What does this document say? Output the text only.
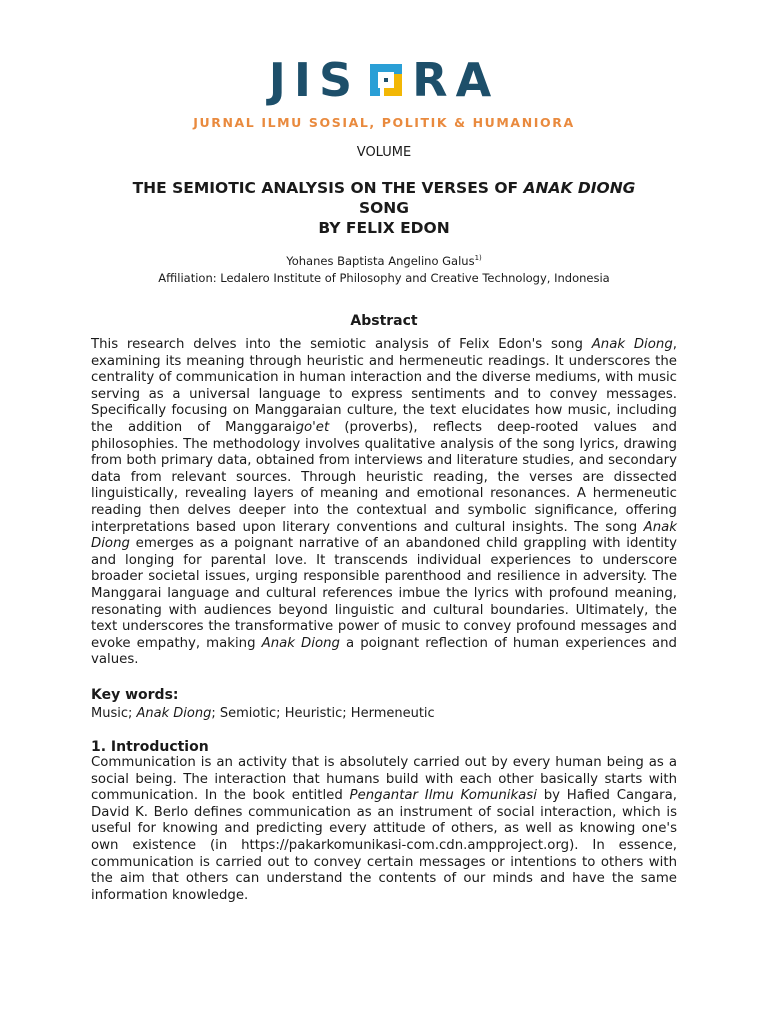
JIS RA
JURNAL ILMU SOSIAL, POLITIK & HUMANIORA
VOLUME
THE SEMIOTIC ANALYSIS ON THE VERSES OF ANAK DIONG
SONG
BY FELIX EDON
Yohanes Baptista Angelino Galus$^{1)}$
Affiliation: Ledalero Institute of Philosophy and Creative Technology, Indonesia
Abstract
This research delves into the semiotic analysis of Felix Edon's song Anak Diong, examining its meaning through heuristic and hermeneutic readings. It underscores the centrality of communication in human interaction and the diverse mediums, with music serving as a universal language to express sentiments and to convey messages. Specifically focusing on Manggaraian culture, the text elucidates how music, including the addition of Manggaraigo'et (proverbs), reflects deep-rooted values and philosophies. The methodology involves qualitative analysis of the song lyrics, drawing from both primary data, obtained from interviews and literature studies, and secondary data from relevant sources. Through heuristic reading, the verses are dissected linguistically, revealing layers of meaning and emotional resonances. A hermeneutic reading then delves deeper into the contextual and symbolic significance, offering interpretations based upon literary conventions and cultural insights. The song Anak Diong emerges as a poignant narrative of an abandoned child grappling with identity and longing for parental love. It transcends individual experiences to underscore broader societal issues, urging responsible parenthood and resilience in adversity. The Manggarai language and cultural references imbue the lyrics with profound meaning, resonating with audiences beyond linguistic and cultural boundaries. Ultimately, the text underscores the transformative power of music to convey profound messages and evoke empathy, making Anak Diong a poignant reflection of human experiences and values.
Key words:
Music; Anak Diong; Semiotic; Heuristic; Hermeneutic
1. Introduction
Communication is an activity that is absolutely carried out by every human being as a social being. The interaction that humans build with each other basically starts with communication. In the book entitled Pengantar Ilmu Komunikasi by Hafied Cangara, David K. Berlo defines communication as an instrument of social interaction, which is useful for knowing and predicting every attitude of others, as well as knowing one's own existence (in https://pakarkomunikasi-com.cdn.ampproject.org). In essence, communication is carried out to convey certain messages or intentions to others with the aim that others can understand the contents of our minds and have the same information knowledge.
